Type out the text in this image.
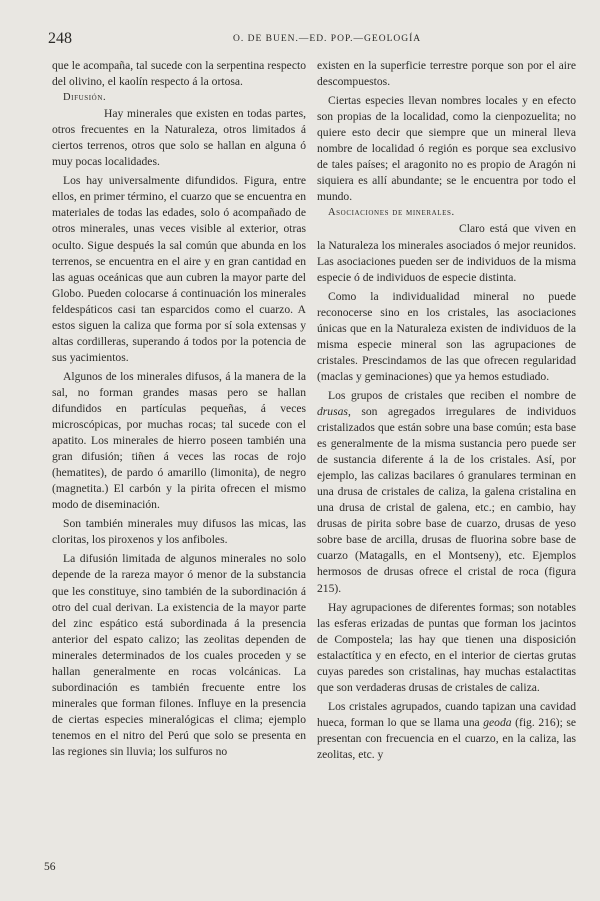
248	O. DE BUEN.—ED. POP.—GEOLOGÍA

que le acompaña, tal sucede con la serpentina respecto del olivino, el kaolín respecto á la ortosa.

Difusión.

Hay minerales que existen en todas partes, otros frecuentes en la Naturaleza, otros limitados á ciertos terrenos, otros que solo se hallan en alguna ó muy pocas localidades.

Los hay universalmente difundidos. Figura, entre ellos, en primer término, el cuarzo que se encuentra en materiales de todas las edades, solo ó acompañado de otros minerales, unas veces visible al exterior, otras oculto. Sigue después la sal común que abunda en los terrenos, se encuentra en el aire y en gran cantidad en las aguas oceánicas que aun cubren la mayor parte del Globo. Pueden colocarse á continuación los minerales feldespáticos casi tan esparcidos como el cuarzo. A estos siguen la caliza que forma por sí sola extensas y altas cordilleras, superando á todos por la potencia de sus yacimientos.

Algunos de los minerales difusos, á la manera de la sal, no forman grandes masas pero se hallan difundidos en partículas pequeñas, á veces microscópicas, por muchas rocas; tal sucede con el apatito. Los minerales de hierro poseen también una gran difusión; tiñen á veces las rocas de rojo (hematites), de pardo ó amarillo (limonita), de negro (magnetita.) El carbón y la pirita ofrecen el mismo modo de diseminación.

Son también minerales muy difusos las micas, las cloritas, los piroxenos y los anfiboles.

La difusión limitada de algunos minerales no solo depende de la rareza mayor ó menor de la substancia que les constituye, sino también de la subordinación á otro del cual derivan. La existencia de la mayor parte del zinc espático está subordinada á la presencia anterior del espato calizo; las zeolitas dependen de minerales determinados de los cuales proceden y se hallan generalmente en rocas volcánicas. La subordinación es también frecuente entre los minerales que forman filones. Influye en la presencia de ciertas especies mineralógicas el clima; ejemplo tenemos en el nitro del Perú que solo se presenta en las regiones sin lluvia; los sulfuros no

existen en la superficie terrestre porque son por el aire descompuestos.

Ciertas especies llevan nombres locales y en efecto son propias de la localidad, como la cienpozuelita; no quiere esto decir que siempre que un mineral lleva nombre de localidad ó región es porque sea exclusivo de tales países; el aragonito no es propio de Aragón ni siquiera es allí abundante; se le encuentra por todo el mundo.

Asociaciones de minerales.

Claro está que viven en la Naturaleza los minerales asociados ó mejor reunidos. Las asociaciones pueden ser de individuos de la misma especie ó de individuos de especie distinta.

Como la individualidad mineral no puede reconocerse sino en los cristales, las asociaciones únicas que en la Naturaleza existen de individuos de la misma especie mineral son las agrupaciones de cristales. Prescindamos de las que ofrecen regularidad (maclas y geminaciones) que ya hemos estudiado.

Los grupos de cristales que reciben el nombre de drusas, son agregados irregulares de individuos cristalizados que están sobre una base común; esta base es generalmente de la misma sustancia pero puede ser de sustancia diferente á la de los cristales. Así, por ejemplo, las calizas bacilares ó granulares terminan en una drusa de cristales de caliza, la galena cristalina en una drusa de cristal de galena, etc.; en cambio, hay drusas de pirita sobre base de cuarzo, drusas de yeso sobre base de arcilla, drusas de fluorina sobre base de cuarzo (Matagalls, en el Montseny), etc. Ejemplos hermosos de drusas ofrece el cristal de roca (figura 215).

Hay agrupaciones de diferentes formas; son notables las esferas erizadas de puntas que forman los jacintos de Compostela; las hay que tienen una disposición estalactítica y en efecto, en el interior de ciertas grutas cuyas paredes son cristalinas, hay muchas estalactitas que son verdaderas drusas de cristales de caliza.

Los cristales agrupados, cuando tapizan una cavidad hueca, forman lo que se llama una geoda (fig. 216); se presentan con frecuencia en el cuarzo, en la caliza, las zeolitas, etc. y

56
